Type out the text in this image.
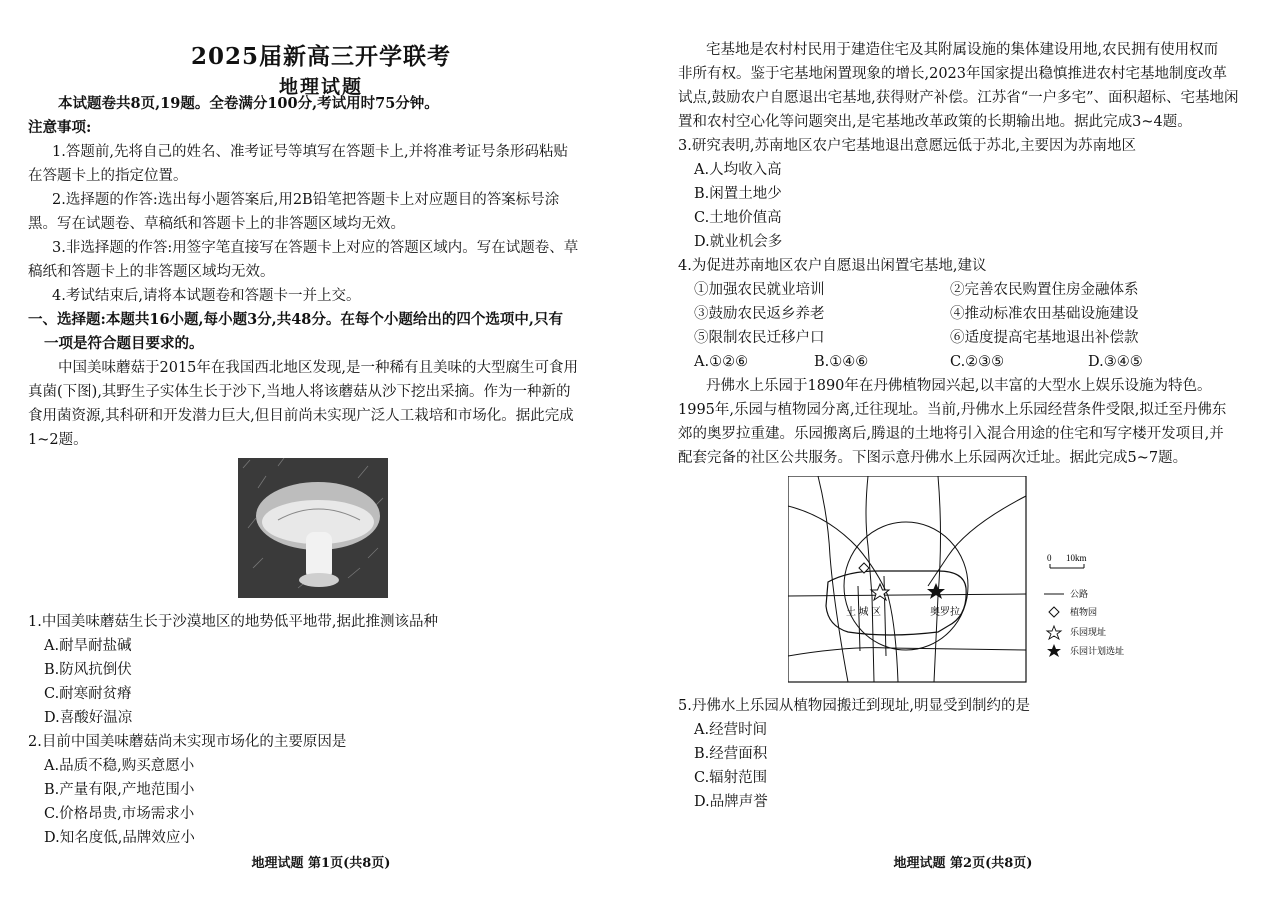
2025届新高三开学联考
地理试题
本试题卷共8页,19题。全卷满分100分,考试用时75分钟。
注意事项:
1.答题前,先将自己的姓名、准考证号等填写在答题卡上,并将准考证号条形码粘贴
在答题卡上的指定位置。
2.选择题的作答:选出每小题答案后,用2B铅笔把答题卡上对应题目的答案标号涂
黑。写在试题卷、草稿纸和答题卡上的非答题区域均无效。
3.非选择题的作答:用签字笔直接写在答题卡上对应的答题区域内。写在试题卷、草
稿纸和答题卡上的非答题区域均无效。
4.考试结束后,请将本试题卷和答题卡一并上交。
一、选择题:本题共16小题,每小题3分,共48分。在每个小题给出的四个选项中,只有
一项是符合题目要求的。
中国美味蘑菇于2015年在我国西北地区发现,是一种稀有且美味的大型腐生可食用
真菌(下图),其野生子实体生长于沙下,当地人将该蘑菇从沙下挖出采摘。作为一种新的
食用菌资源,其科研和开发潜力巨大,但目前尚未实现广泛人工栽培和市场化。据此完成
1~2题。
1.中国美味蘑菇生长于沙漠地区的地势低平地带,据此推测该品种
A.耐旱耐盐碱
B.防风抗倒伏
C.耐寒耐贫瘠
D.喜酸好温凉
2.目前中国美味蘑菇尚未实现市场化的主要原因是
A.品质不稳,购买意愿小
B.产量有限,产地范围小
C.价格昂贵,市场需求小
D.知名度低,品牌效应小
地理试题 第1页(共8页)
宅基地是农村村民用于建造住宅及其附属设施的集体建设用地,农民拥有使用权而
非所有权。鉴于宅基地闲置现象的增长,2023年国家提出稳慎推进农村宅基地制度改革
试点,鼓励农户自愿退出宅基地,获得财产补偿。江苏省“一户多宅”、面积超标、宅基地闲
置和农村空心化等问题突出,是宅基地改革政策的长期输出地。据此完成3~4题。
3.研究表明,苏南地区农户宅基地退出意愿远低于苏北,主要因为苏南地区
A.人均收入高
B.闲置土地少
C.土地价值高
D.就业机会多
4.为促进苏南地区农户自愿退出闲置宅基地,建议
①加强农民就业培训	②完善农民购置住房金融体系
③鼓励农民返乡养老	④推动标准农田基础设施建设
⑤限制农民迁移户口	⑥适度提高宅基地退出补偿款
A.①②⑥	B.①④⑥	C.②③⑤	D.③④⑤
丹佛水上乐园于1890年在丹佛植物园兴起,以丰富的大型水上娱乐设施为特色。
1995年,乐园与植物园分离,迁往现址。当前,丹佛水上乐园经营条件受限,拟迁至丹佛东
郊的奥罗拉重建。乐园搬离后,腾退的土地将引入混合用途的住宅和写字楼开发项目,并
配套完备的社区公共服务。下图示意丹佛水上乐园两次迁址。据此完成5~7题。
土 城 区	奥罗拉
0 10km
公路
植物园
乐园现址
乐园计划选址
5.丹佛水上乐园从植物园搬迁到现址,明显受到制约的是
A.经营时间
B.经营面积
C.辐射范围
D.品牌声誉
地理试题 第2页(共8页)
